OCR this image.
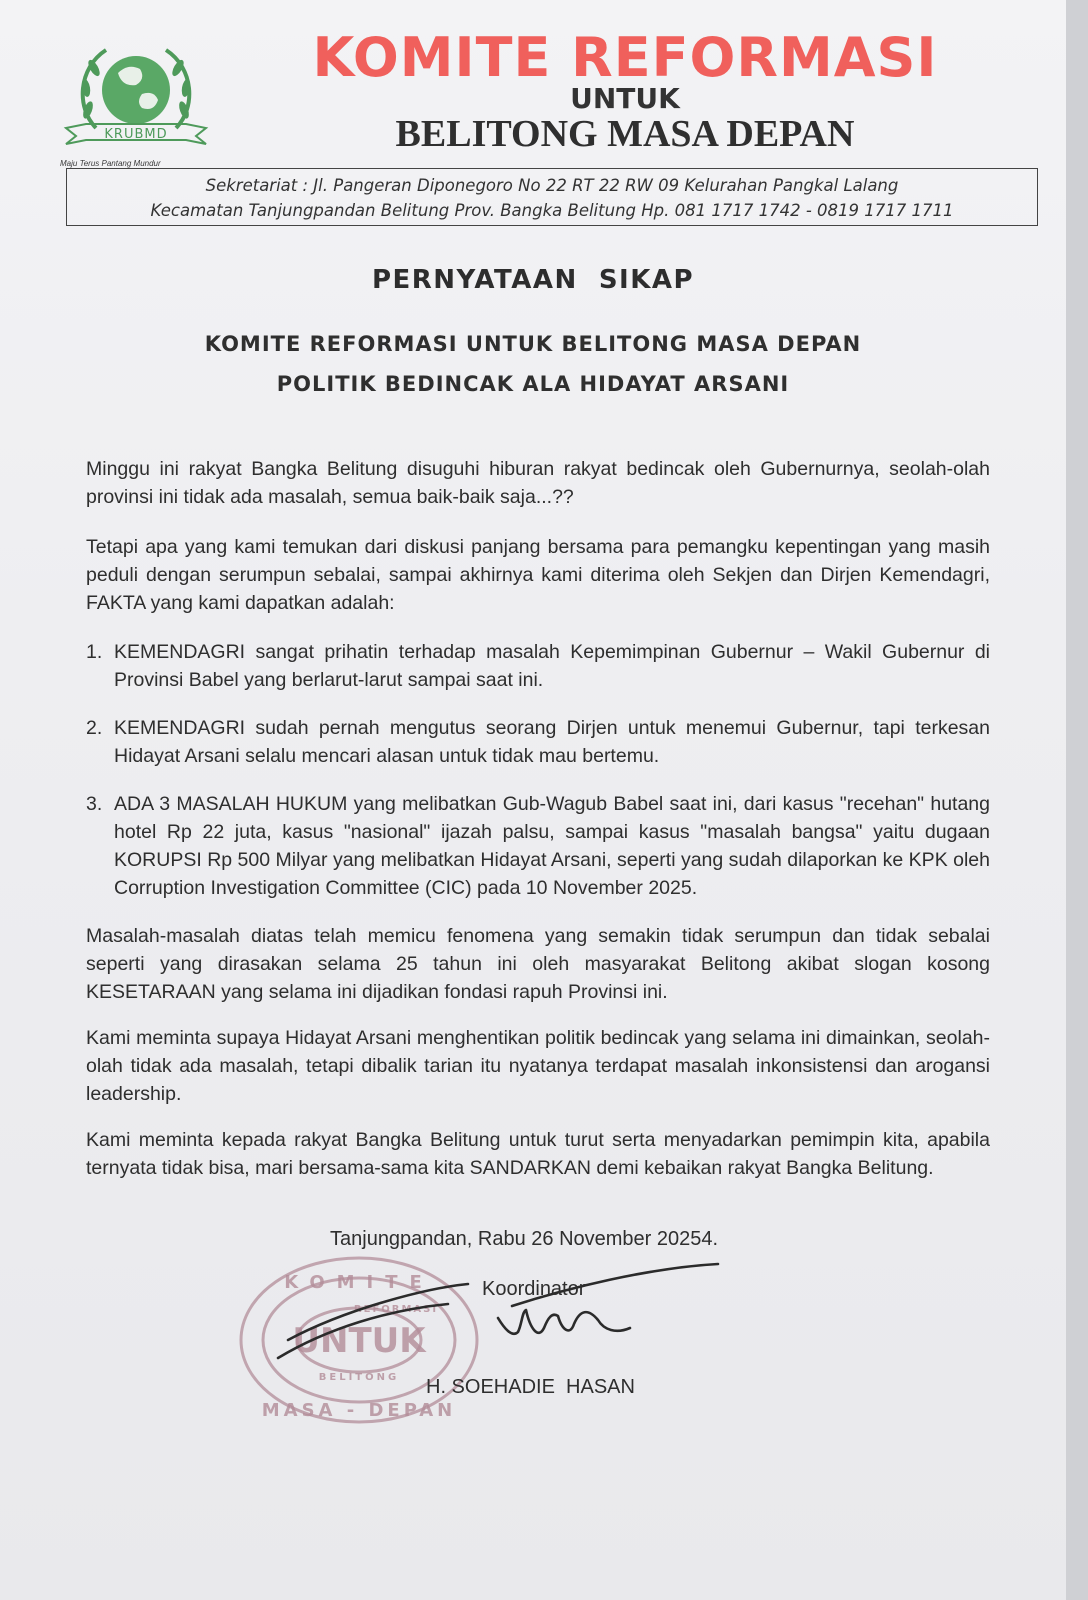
KRUBMD
Maju Terus Pantang Mundur
KOMITE REFORMASI
UNTUK
BELITONG MASA DEPAN
Sekretariat : Jl. Pangeran Diponegoro No 22 RT 22 RW 09 Kelurahan Pangkal Lalang
Kecamatan Tanjungpandan Belitung Prov. Bangka Belitung Hp. 081 1717 1742 - 0819 1717 1711
PERNYATAAN  SIKAP
KOMITE REFORMASI UNTUK BELITONG MASA DEPAN
POLITIK BEDINCAK ALA HIDAYAT ARSANI
Minggu ini rakyat Bangka Belitung disuguhi hiburan rakyat bedincak oleh Gubernurnya, seolah-olah provinsi ini tidak ada masalah, semua baik-baik saja...??
Tetapi apa yang kami temukan dari diskusi panjang bersama para pemangku kepentingan yang masih peduli dengan serumpun sebalai, sampai akhirnya kami diterima oleh Sekjen dan Dirjen Kemendagri, FAKTA yang kami dapatkan adalah:
1. KEMENDAGRI sangat prihatin terhadap masalah Kepemimpinan Gubernur – Wakil Gubernur di Provinsi Babel yang berlarut-larut sampai saat ini.
2. KEMENDAGRI sudah pernah mengutus seorang Dirjen untuk menemui Gubernur, tapi terkesan Hidayat Arsani selalu mencari alasan untuk tidak mau bertemu.
3. ADA 3 MASALAH HUKUM yang melibatkan Gub-Wagub Babel saat ini, dari kasus "recehan" hutang hotel Rp 22 juta, kasus "nasional" ijazah palsu, sampai kasus "masalah bangsa" yaitu dugaan KORUPSI Rp 500 Milyar yang melibatkan Hidayat Arsani, seperti yang sudah dilaporkan ke KPK oleh Corruption Investigation Committee (CIC) pada 10 November 2025.
Masalah-masalah diatas telah memicu fenomena yang semakin tidak serumpun dan tidak sebalai seperti yang dirasakan selama 25 tahun ini oleh masyarakat Belitong akibat slogan kosong KESETARAAN yang selama ini dijadikan fondasi rapuh Provinsi ini.
Kami meminta supaya Hidayat Arsani menghentikan politik bedincak yang selama ini dimainkan, seolah-olah tidak ada masalah, tetapi dibalik tarian itu nyatanya terdapat masalah inkonsistensi dan arogansi leadership.
Kami meminta kepada rakyat Bangka Belitung untuk turut serta menyadarkan pemimpin kita, apabila ternyata tidak bisa, mari bersama-sama kita SANDARKAN demi kebaikan rakyat Bangka Belitung.
KOMITE
REFORMASI
UNTUK
BELITONG
MASA - DEPAN
Tanjungpandan, Rabu 26 November 20254.
Koordinator
H. SOEHADIE  HASAN
